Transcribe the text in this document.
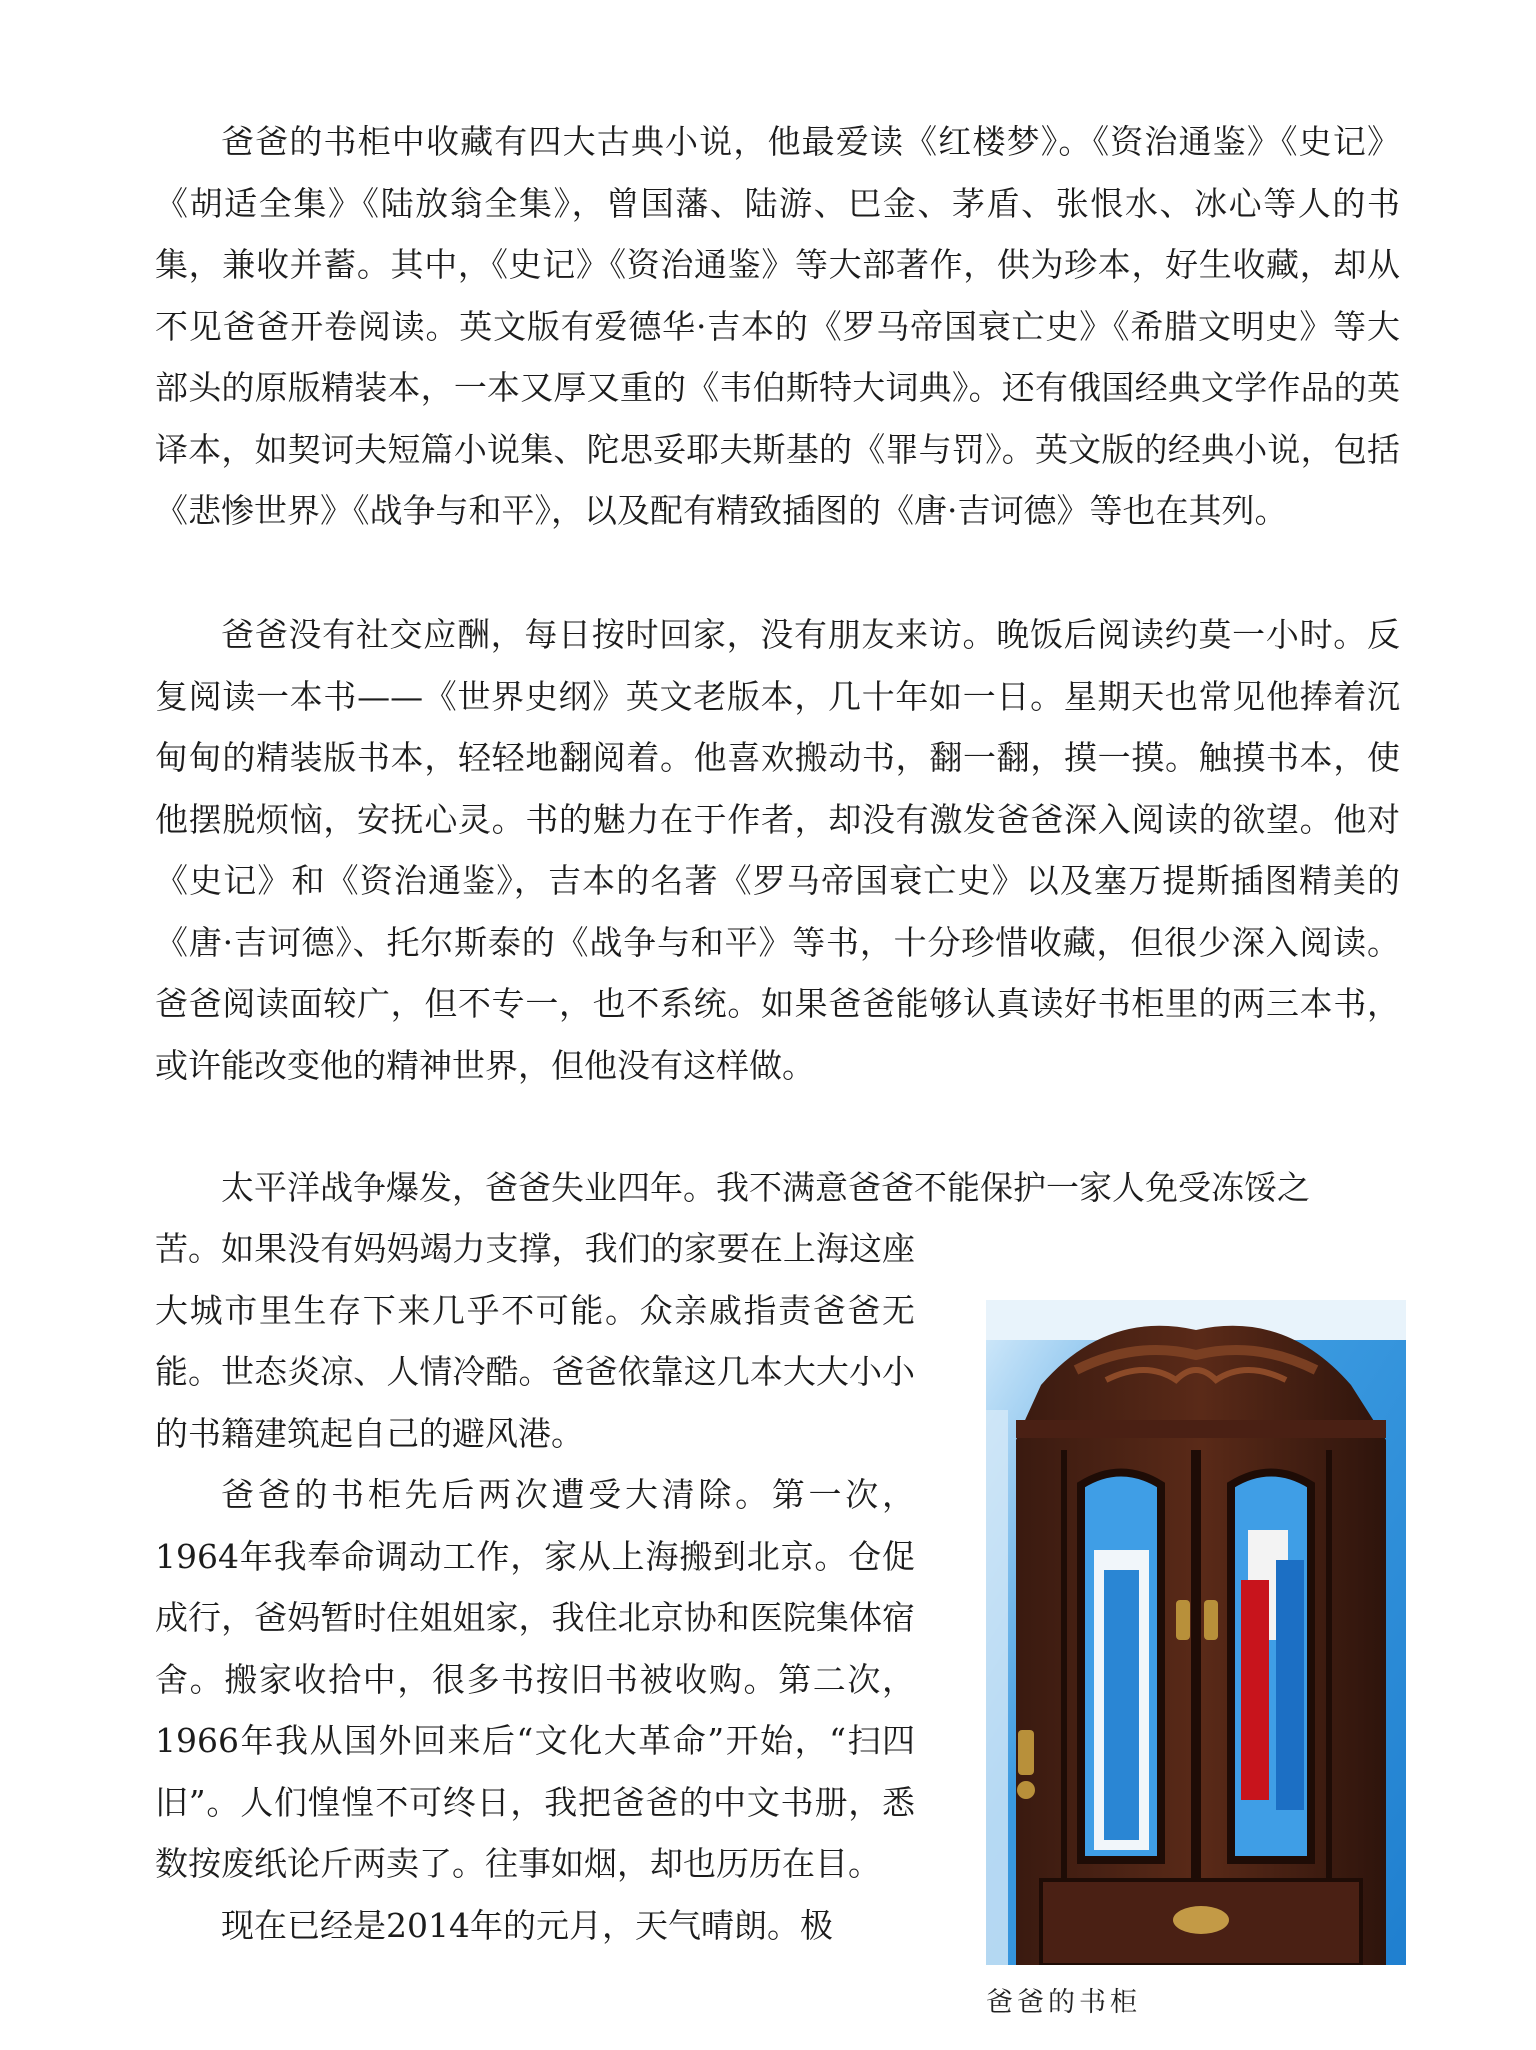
爸爸的书柜中收藏有四大古典小说，他最爱读《红楼梦》。《资治通鉴》《史记》《胡适全集》《陆放翁全集》，曾国藩、陆游、巴金、茅盾、张恨水、冰心等人的书集，兼收并蓄。其中，《史记》《资治通鉴》等大部著作，供为珍本，好生收藏，却从不见爸爸开卷阅读。英文版有爱德华·吉本的《罗马帝国衰亡史》《希腊文明史》等大部头的原版精装本，一本又厚又重的《韦伯斯特大词典》。还有俄国经典文学作品的英译本，如契诃夫短篇小说集、陀思妥耶夫斯基的《罪与罚》。英文版的经典小说，包括《悲惨世界》《战争与和平》，以及配有精致插图的《唐·吉诃德》等也在其列。

爸爸没有社交应酬，每日按时回家，没有朋友来访。晚饭后阅读约莫一小时。反复阅读一本书——《世界史纲》英文老版本，几十年如一日。星期天也常见他捧着沉甸甸的精装版书本，轻轻地翻阅着。他喜欢搬动书，翻一翻，摸一摸。触摸书本，使他摆脱烦恼，安抚心灵。书的魅力在于作者，却没有激发爸爸深入阅读的欲望。他对《史记》和《资治通鉴》，吉本的名著《罗马帝国衰亡史》以及塞万提斯插图精美的《唐·吉诃德》、托尔斯泰的《战争与和平》等书，十分珍惜收藏，但很少深入阅读。爸爸阅读面较广，但不专一，也不系统。如果爸爸能够认真读好书柜里的两三本书，或许能改变他的精神世界，但他没有这样做。

太平洋战争爆发，爸爸失业四年。我不满意爸爸不能保护一家人免受冻馁之

苦。如果没有妈妈竭力支撑，我们的家要在上海这座大城市里生存下来几乎不可能。众亲戚指责爸爸无能。世态炎凉、人情冷酷。爸爸依靠这几本大大小小的书籍建筑起自己的避风港。

爸爸的书柜先后两次遭受大清除。第一次，1964年我奉命调动工作，家从上海搬到北京。仓促成行，爸妈暂时住姐姐家，我住北京协和医院集体宿舍。搬家收拾中，很多书按旧书被收购。第二次，1966年我从国外回来后“文化大革命”开始，“扫四旧”。人们惶惶不可终日，我把爸爸的中文书册，悉数按废纸论斤两卖了。往事如烟，却也历历在目。

现在已经是2014年的元月，天气晴朗。极

爸爸的书柜
